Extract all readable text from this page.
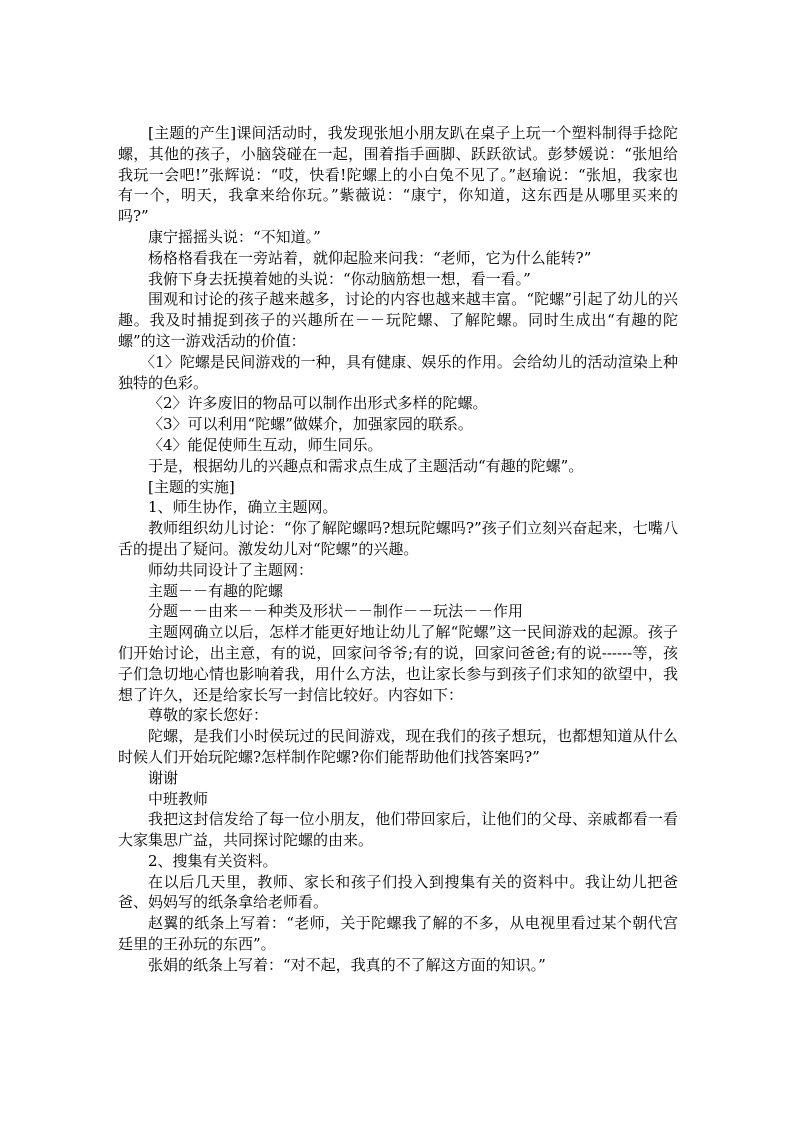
[主题的产生]课间活动时，我发现张旭小朋友趴在桌子上玩一个塑料制得手捻陀螺，其他的孩子，小脑袋碰在一起，围着指手画脚、跃跃欲试。彭梦媛说：“张旭给我玩一会吧!”张辉说：“哎，快看!陀螺上的小白兔不见了。”赵瑜说：“张旭，我家也有一个，明天，我拿来给你玩。”紫薇说：“康宁，你知道，这东西是从哪里买来的吗?”

康宁摇摇头说：“不知道。”

杨格格看我在一旁站着，就仰起脸来问我：“老师，它为什么能转?”

我俯下身去抚摸着她的头说：“你动脑筋想一想，看一看。”

围观和讨论的孩子越来越多，讨论的内容也越来越丰富。“陀螺”引起了幼儿的兴趣。我及时捕捉到孩子的兴趣所在－－玩陀螺、了解陀螺。同时生成出“有趣的陀螺”的这一游戏活动的价值：

〈1〉陀螺是民间游戏的一种，具有健康、娱乐的作用。会给幼儿的活动渲染上种独特的色彩。

〈2〉许多废旧的物品可以制作出形式多样的陀螺。

〈3〉可以利用“陀螺”做媒介，加强家园的联系。

〈4〉能促使师生互动，师生同乐。

于是，根据幼儿的兴趣点和需求点生成了主题活动“有趣的陀螺”。

[主题的实施]

1、师生协作，确立主题网。

教师组织幼儿讨论：“你了解陀螺吗?想玩陀螺吗?”孩子们立刻兴奋起来，七嘴八舌的提出了疑问。激发幼儿对“陀螺”的兴趣。

师幼共同设计了主题网：

主题－－有趣的陀螺

分题－－由来－－种类及形状－－制作－－玩法－－作用

主题网确立以后，怎样才能更好地让幼儿了解“陀螺”这一民间游戏的起源。孩子们开始讨论，出主意，有的说，回家问爷爷;有的说，回家问爸爸;有的说------等，孩子们急切地心情也影响着我，用什么方法，也让家长参与到孩子们求知的欲望中，我想了许久，还是给家长写一封信比较好。内容如下：

尊敬的家长您好：

陀螺，是我们小时侯玩过的民间游戏，现在我们的孩子想玩，也都想知道从什么时候人们开始玩陀螺?怎样制作陀螺?你们能帮助他们找答案吗?”

谢谢

中班教师

我把这封信发给了每一位小朋友，他们带回家后，让他们的父母、亲戚都看一看大家集思广益，共同探讨陀螺的由来。

2、搜集有关资料。

在以后几天里，教师、家长和孩子们投入到搜集有关的资料中。我让幼儿把爸爸、妈妈写的纸条拿给老师看。

赵翼的纸条上写着：“老师，关于陀螺我了解的不多，从电视里看过某个朝代宫廷里的王孙玩的东西”。

张娟的纸条上写着：“对不起，我真的不了解这方面的知识。”
